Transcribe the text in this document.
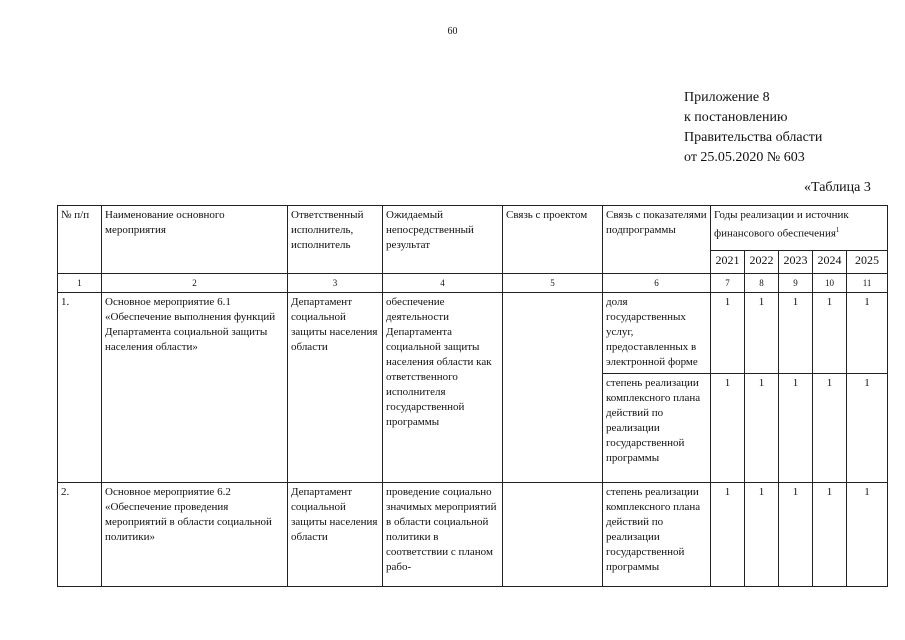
60
Приложение 8
к постановлению
Правительства области
от 25.05.2020 № 603
«Таблица 3
№ п/п	Наименование основного мероприятия	Ответственный исполнитель, исполнитель	Ожидаемый непосредственный результат	Связь с проектом	Связь с показателями подпрограммы	Годы реализации и источник финансового обеспечения$^1$
						2021	2022	2023	2024	2025
1	2	3	4	5	6	7	8	9	10	11
1.	Основное мероприятие 6.1 «Обеспечение выполнения функций Департамента социальной защиты населения области»	Департамент социальной защиты населения области	обеспечение деятельности Департамента социальной защиты населения области как ответственного исполнителя государственной программы		доля государственных услуг, предоставленных в электронной форме	1	1	1	1	1
					степень реализации комплексного плана действий по реализации государственной программы	1	1	1	1	1
2.	Основное мероприятие 6.2 «Обеспечение проведения мероприятий в области социальной политики»	Департамент социальной защиты населения области	проведение социально значимых мероприятий в области социальной политики в соответствии с планом рабо-		степень реализации комплексного плана действий по реализации государственной программы	1	1	1	1	1
